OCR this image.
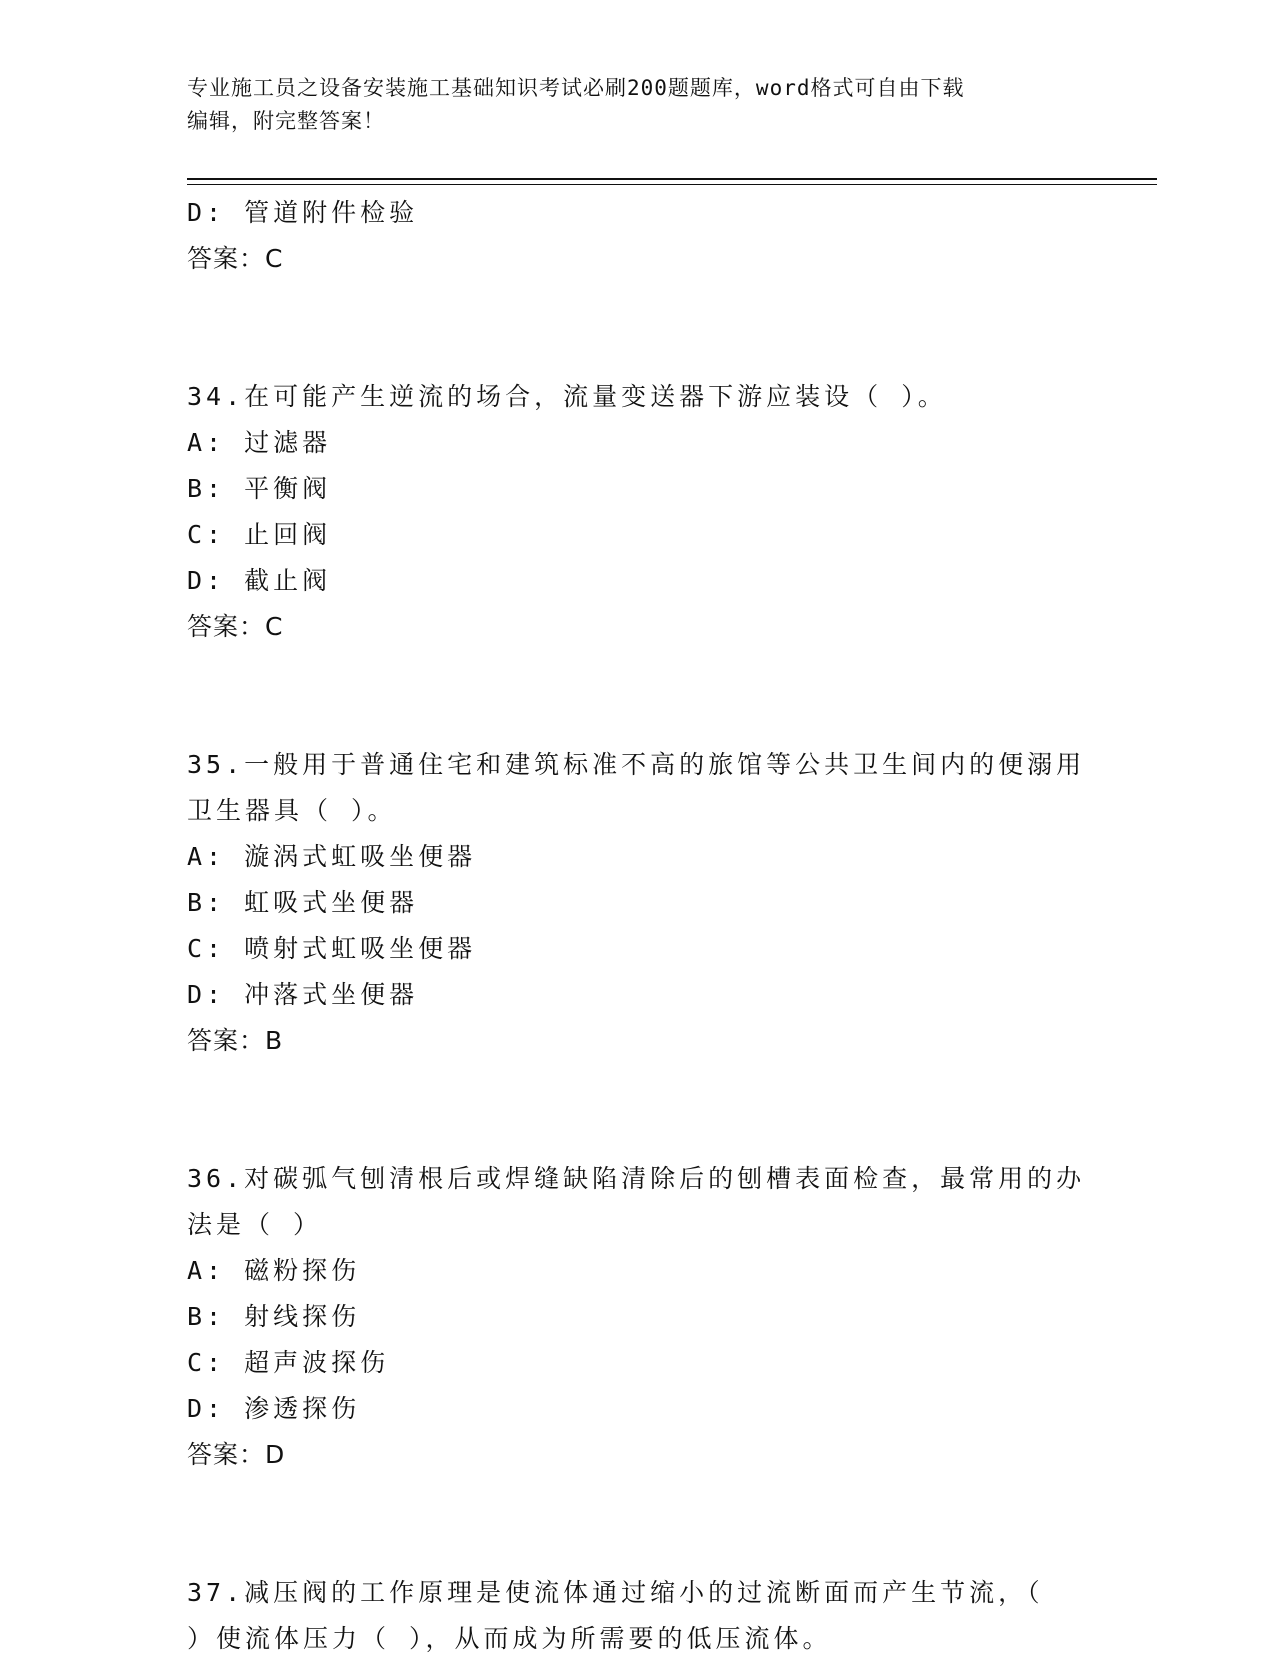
专业施工员之设备安装施工基础知识考试必刷200题题库，word格式可自由下载
编辑，附完整答案！
D: 管道附件检验
答案：C
34.在可能产生逆流的场合，流量变送器下游应装设（ ）。
A: 过滤器
B: 平衡阀
C: 止回阀
D: 截止阀
答案：C
35.一般用于普通住宅和建筑标准不高的旅馆等公共卫生间内的便溺用
卫生器具（ ）。
A: 漩涡式虹吸坐便器
B: 虹吸式坐便器
C: 喷射式虹吸坐便器
D: 冲落式坐便器
答案：B
36.对碳弧气刨清根后或焊缝缺陷清除后的刨槽表面检查，最常用的办
法是（ ）
A: 磁粉探伤
B: 射线探伤
C: 超声波探伤
D: 渗透探伤
答案：D
37.减压阀的工作原理是使流体通过缩小的过流断面而产生节流，（
）使流体压力（ ），从而成为所需要的低压流体。
